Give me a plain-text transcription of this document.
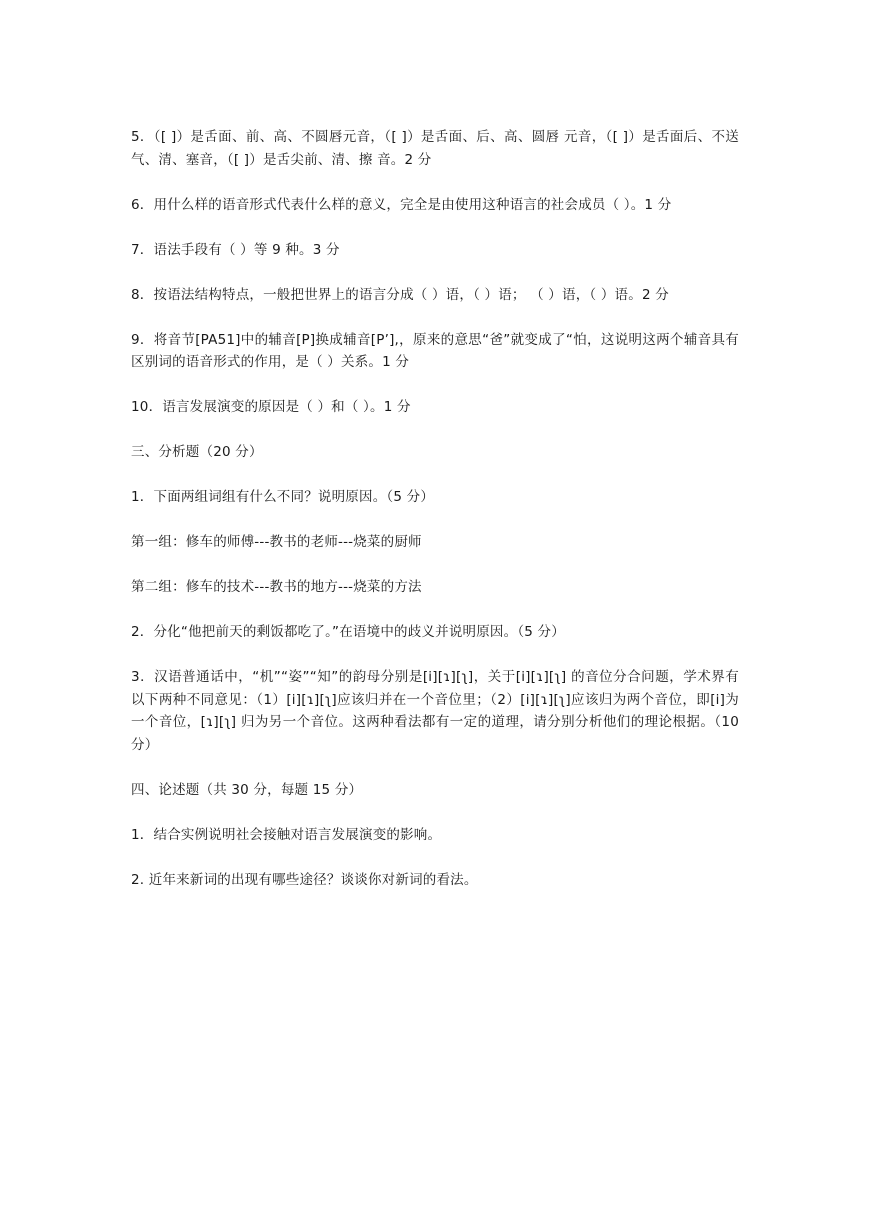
5．（[ ]）是舌面、前、高、不圆唇元音，（[ ]）是舌面、后、高、圆唇 元音，（[ ]）是舌面后、不送气、清、塞音，（[ ]）是舌尖前、清、擦 音。2 分

6．用什么样的语音形式代表什么样的意义，完全是由使用这种语言的社会成员（ ）。1 分

7．语法手段有（ ）等 9 种。3 分

8．按语法结构特点，一般把世界上的语言分成（ ）语，（ ）语； （ ）语，（ ）语。2 分

9．将音节[PA51]中的辅音[P]换成辅音[P’],，原来的意思“爸”就变成了“怕，这说明这两个辅音具有区别词的语音形式的作用，是（ ）关系。1 分

10．语言发展演变的原因是（ ）和（ ）。1 分

三、分析题（20 分）

1．下面两组词组有什么不同？说明原因。（5 分）

第一组：修车的师傅---教书的老师---烧菜的厨师

第二组：修车的技术---教书的地方---烧菜的方法

2．分化“他把前天的剩饭都吃了。”在语境中的歧义并说明原因。（5 分）

3．汉语普通话中，“机”“姿”“知”的韵母分别是[i][ɿ][ʅ]，关于[i][ɿ][ʅ] 的音位分合问题，学术界有以下两种不同意见：（1）[i][ɿ][ʅ]应该归并在一个音位里；（2）[i][ɿ][ʅ]应该归为两个音位，即[i]为一个音位，[ɿ][ʅ] 归为另一个音位。这两种看法都有一定的道理，请分别分析他们的理论根据。（10 分）

四、论述题（共 30 分，每题 15 分）

1．结合实例说明社会接触对语言发展演变的影响。

2. 近年来新词的出现有哪些途径？谈谈你对新词的看法。
